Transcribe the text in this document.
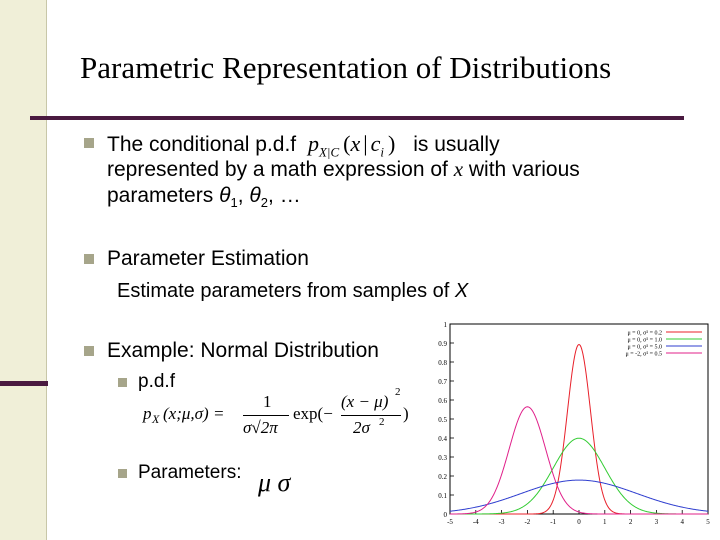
Parametric Representation of Distributions
The conditional p.d.f $p_{X|C}$ (x | $c_i$ ) is usually
represented by a math expression of x with various
parameters $\theta_1$, $\theta_2$, …
Parameter Estimation
Estimate parameters from samples of X
Example: Normal Distribution
p.d.f
p X (x;μ,σ) =
1
σ√2π
exp(−
(x − μ) 2
2σ 2 )
Parameters: μ σ
0
0.1
0.2
0.3
0.4
0.5
0.6
0.7
0.8
0.9
1
-5	-4	-3	-2	-1	0	1	2	3	4	5
μ = 0, σ² = 0.2
μ = 0, σ² = 1.0
μ = 0, σ² = 5.0
μ = -2, σ² = 0.5
